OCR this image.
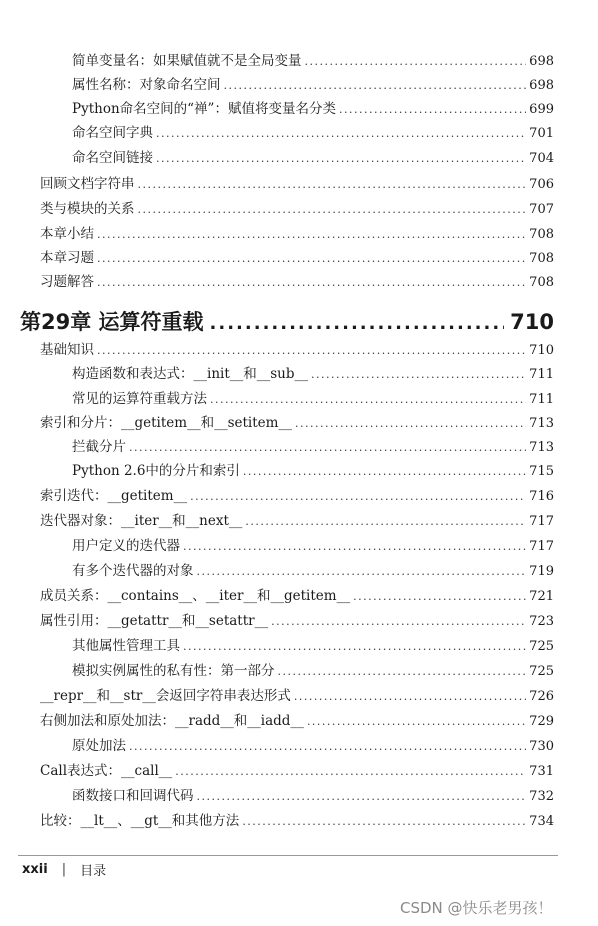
简单变量名：如果赋值就不是全局变量 .....	698
属性名称：对象命名空间 .....	698
Python命名空间的“禅”：赋值将变量名分类 .....	699
命名空间字典 .....	701
命名空间链接 .....	704
回顾文档字符串 .....	706
类与模块的关系 .....	707
本章小结 .....	708
本章习题 .....	708
习题解答 .....	708
第29章 运算符重载 .....	710
基础知识 .....	710
构造函数和表达式：__init__和__sub__ .....	711
常见的运算符重载方法 .....	711
索引和分片：__getitem__和__setitem__ .....	713
拦截分片 .....	713
Python 2.6中的分片和索引 .....	715
索引迭代：__getitem__ .....	716
迭代器对象：__iter__和__next__ .....	717
用户定义的迭代器 .....	717
有多个迭代器的对象 .....	719
成员关系：__contains__、__iter__和__getitem__ .....	721
属性引用：__getattr__和__setattr__ .....	723
其他属性管理工具 .....	725
模拟实例属性的私有性：第一部分 .....	725
__repr__和__str__会返回字符串表达形式 .....	726
右侧加法和原处加法：__radd__和__iadd__ .....	729
原处加法 .....	730
Call表达式：__call__ .....	731
函数接口和回调代码 .....	732
比较：__lt__、__gt__和其他方法 .....	734
xxii | 目录
CSDN @快乐老男孩！
